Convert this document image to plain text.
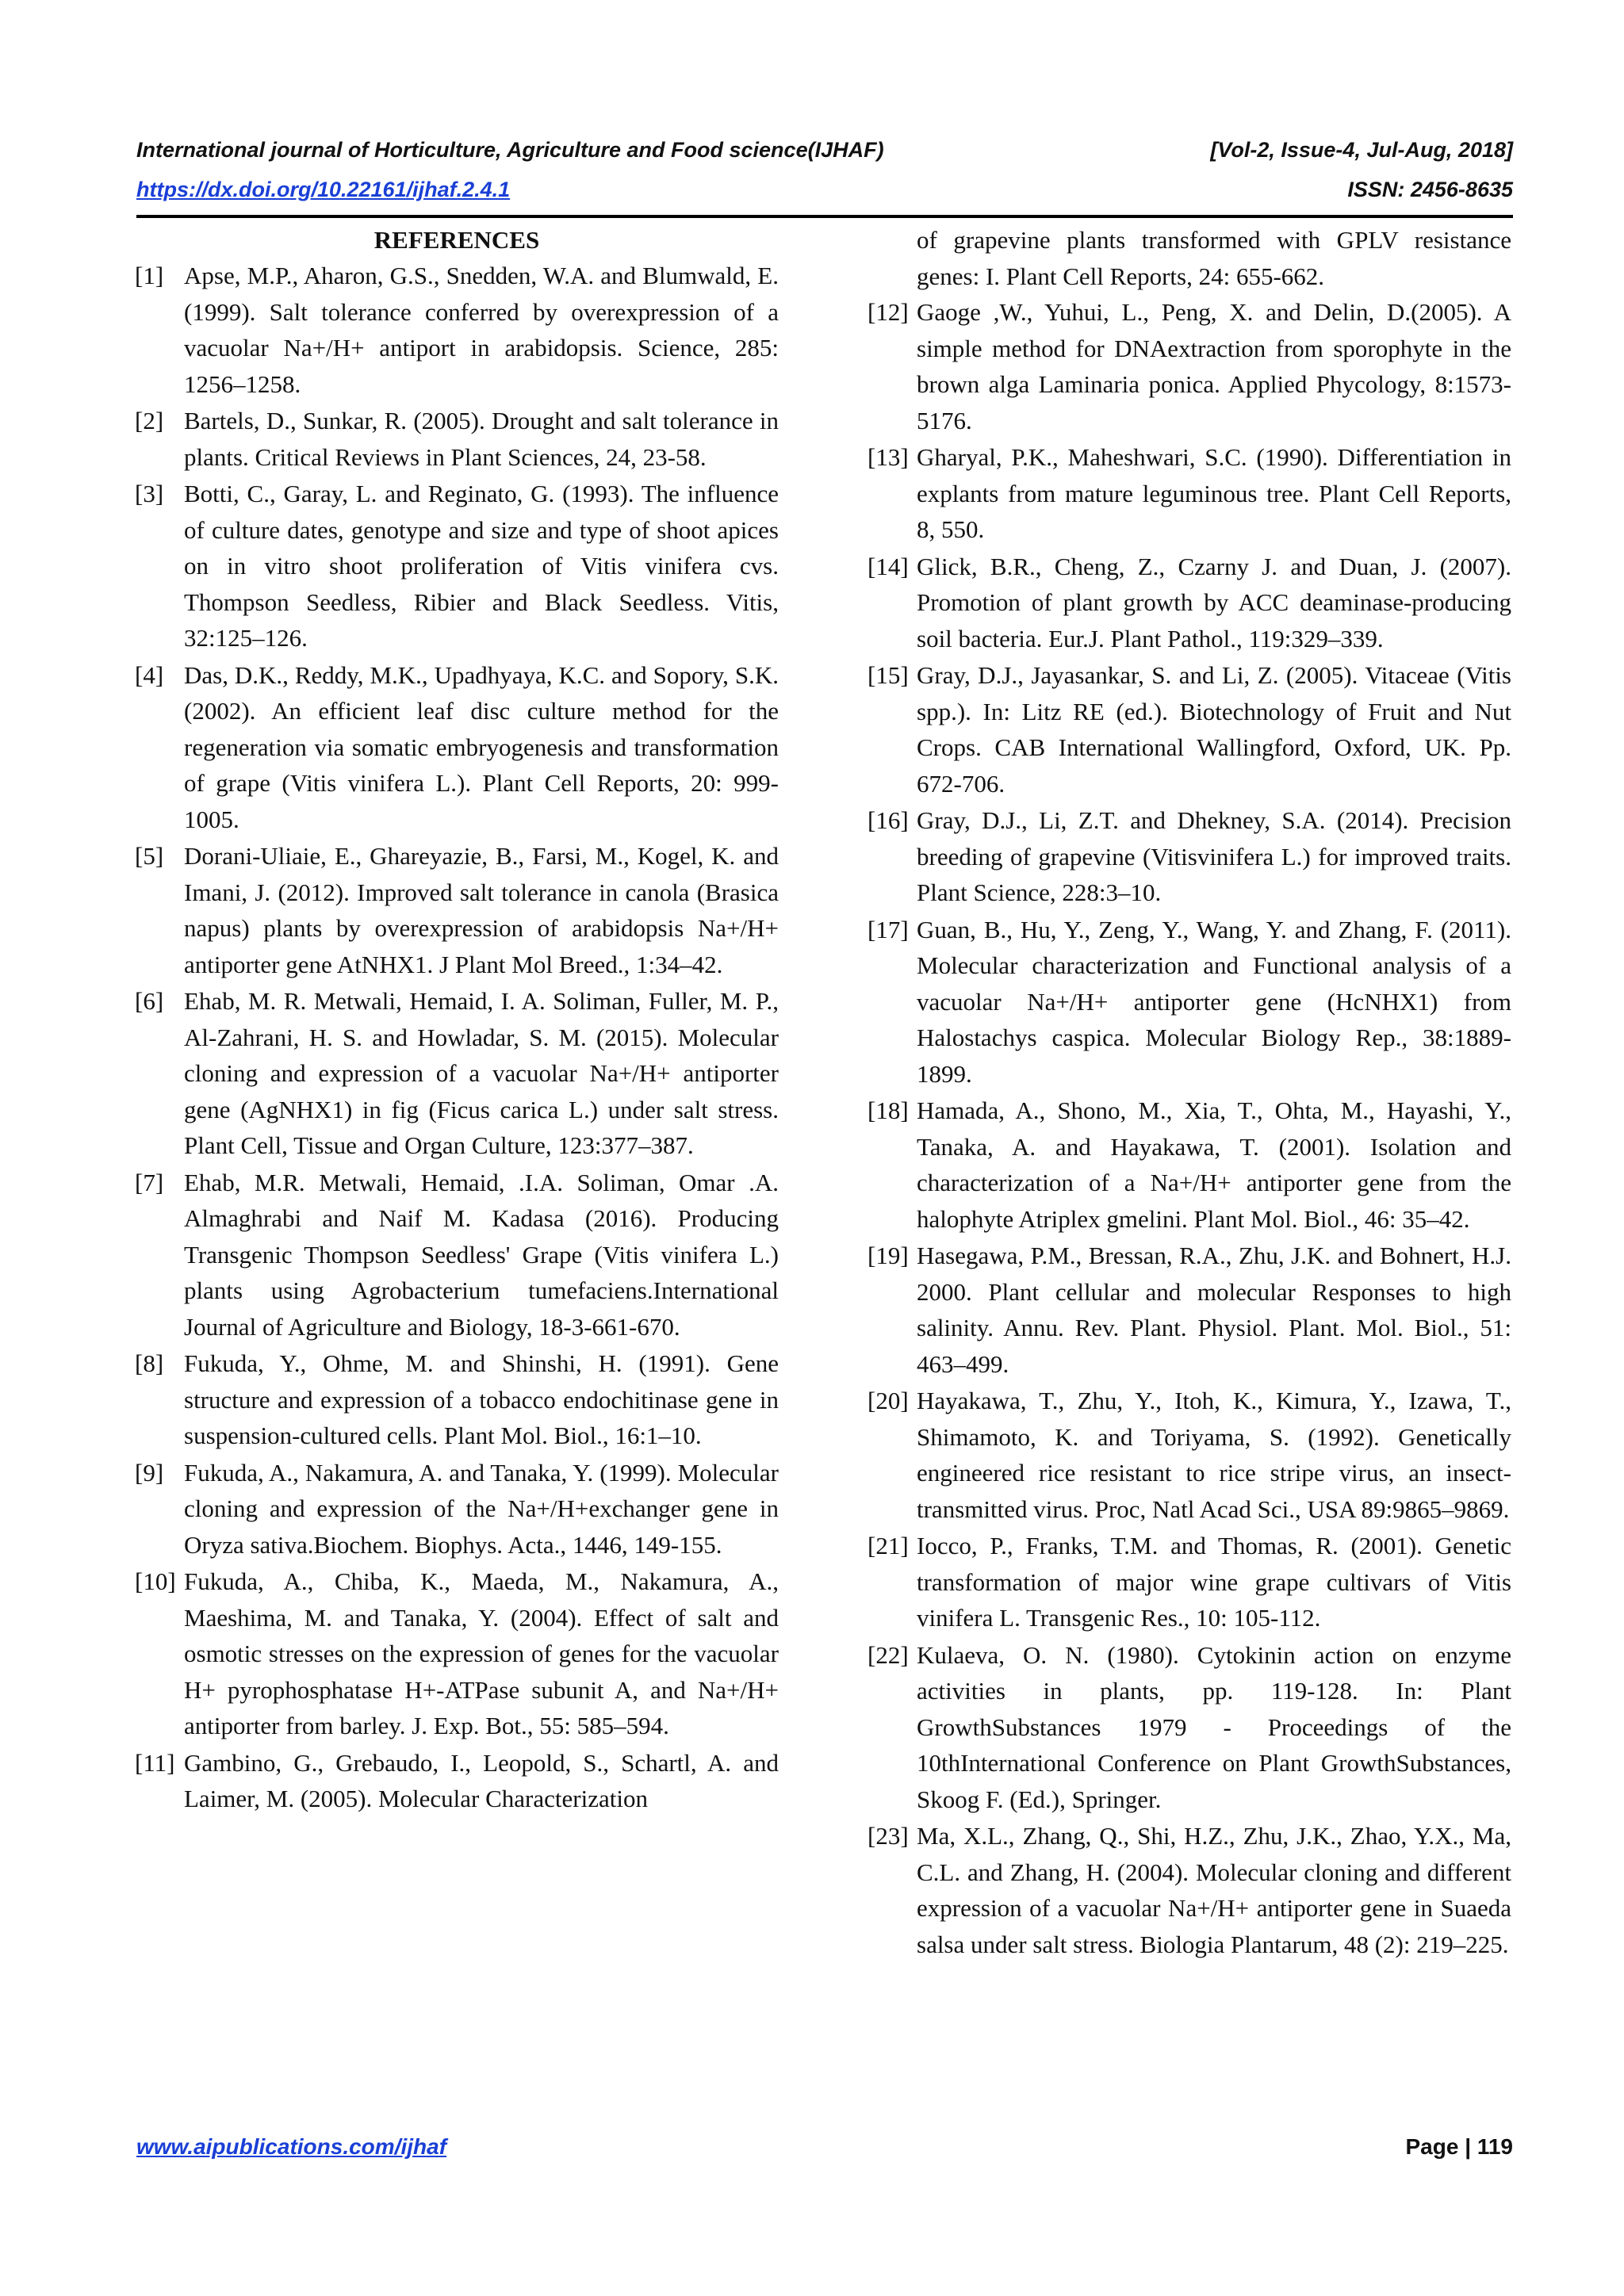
International journal of Horticulture, Agriculture and Food science(IJHAF)	[Vol-2, Issue-4, Jul-Aug, 2018]
https://dx.doi.org/10.22161/ijhaf.2.4.1	ISSN: 2456-8635

REFERENCES

[1] Apse, M.P., Aharon, G.S., Snedden, W.A. and Blumwald, E. (1999). Salt tolerance conferred by overexpression of a vacuolar Na+/H+ antiport in arabidopsis. Science, 285: 1256–1258.
[2] Bartels, D., Sunkar, R. (2005). Drought and salt tolerance in plants. Critical Reviews in Plant Sciences, 24, 23-58.
[3] Botti, C., Garay, L. and Reginato, G. (1993). The influence of culture dates, genotype and size and type of shoot apices on in vitro shoot proliferation of Vitis vinifera cvs. Thompson Seedless, Ribier and Black Seedless. Vitis, 32:125–126.
[4] Das, D.K., Reddy, M.K., Upadhyaya, K.C. and Sopory, S.K. (2002). An efficient leaf disc culture method for the regeneration via somatic embryogenesis and transformation of grape (Vitis vinifera L.). Plant Cell Reports, 20: 999-1005.
[5] Dorani-Uliaie, E., Ghareyazie, B., Farsi, M., Kogel, K. and Imani, J. (2012). Improved salt tolerance in canola (Brasica napus) plants by overexpression of arabidopsis Na+/H+ antiporter gene AtNHX1. J Plant Mol Breed., 1:34–42.
[6] Ehab, M. R. Metwali, Hemaid, I. A. Soliman, Fuller, M. P., Al-Zahrani, H. S. and Howladar, S. M. (2015). Molecular cloning and expression of a vacuolar Na+/H+ antiporter gene (AgNHX1) in fig (Ficus carica L.) under salt stress. Plant Cell, Tissue and Organ Culture, 123:377–387.
[7] Ehab, M.R. Metwali, Hemaid, .I.A. Soliman, Omar .A. Almaghrabi and Naif M. Kadasa (2016). Producing Transgenic Thompson Seedless' Grape (Vitis vinifera L.) plants using Agrobacterium tumefaciens.International Journal of Agriculture and Biology, 18-3-661-670.
[8] Fukuda, Y., Ohme, M. and Shinshi, H. (1991). Gene structure and expression of a tobacco endochitinase gene in suspension-cultured cells. Plant Mol. Biol., 16:1–10.
[9] Fukuda, A., Nakamura, A. and Tanaka, Y. (1999). Molecular cloning and expression of the Na+/H+exchanger gene in Oryza sativa.Biochem. Biophys. Acta., 1446, 149-155.
[10] Fukuda, A., Chiba, K., Maeda, M., Nakamura, A., Maeshima, M. and Tanaka, Y. (2004). Effect of salt and osmotic stresses on the expression of genes for the vacuolar H+ pyrophosphatase H+-ATPase subunit A, and Na+/H+ antiporter from barley. J. Exp. Bot., 55: 585–594.
[11] Gambino, G., Grebaudo, I., Leopold, S., Schartl, A. and Laimer, M. (2005). Molecular Characterization
of grapevine plants transformed with GPLV resistance genes: I. Plant Cell Reports, 24: 655-662.
[12] Gaoge ,W., Yuhui, L., Peng, X. and Delin, D.(2005). A simple method for DNAextraction from sporophyte in the brown alga Laminaria ponica. Applied Phycology, 8:1573-5176.
[13] Gharyal, P.K., Maheshwari, S.C. (1990). Differentiation in explants from mature leguminous tree. Plant Cell Reports, 8, 550.
[14] Glick, B.R., Cheng, Z., Czarny J. and Duan, J. (2007). Promotion of plant growth by ACC deaminase-producing soil bacteria. Eur.J. Plant Pathol., 119:329–339.
[15] Gray, D.J., Jayasankar, S. and Li, Z. (2005). Vitaceae (Vitis spp.). In: Litz RE (ed.). Biotechnology of Fruit and Nut Crops. CAB International Wallingford, Oxford, UK. Pp. 672-706.
[16] Gray, D.J., Li, Z.T. and Dhekney, S.A. (2014). Precision breeding of grapevine (Vitisvinifera L.) for improved traits. Plant Science, 228:3–10.
[17] Guan, B., Hu, Y., Zeng, Y., Wang, Y. and Zhang, F. (2011). Molecular characterization and Functional analysis of a vacuolar Na+/H+ antiporter gene (HcNHX1) from Halostachys caspica. Molecular Biology Rep., 38:1889-1899.
[18] Hamada, A., Shono, M., Xia, T., Ohta, M., Hayashi, Y., Tanaka, A. and Hayakawa, T. (2001). Isolation and characterization of a Na+/H+ antiporter gene from the halophyte Atriplex gmelini. Plant Mol. Biol., 46: 35–42.
[19] Hasegawa, P.M., Bressan, R.A., Zhu, J.K. and Bohnert, H.J. 2000. Plant cellular and molecular Responses to high salinity. Annu. Rev. Plant. Physiol. Plant. Mol. Biol., 51: 463–499.
[20] Hayakawa, T., Zhu, Y., Itoh, K., Kimura, Y., Izawa, T., Shimamoto, K. and Toriyama, S. (1992). Genetically engineered rice resistant to rice stripe virus, an insect-transmitted virus. Proc, Natl Acad Sci., USA 89:9865–9869.
[21] Iocco, P., Franks, T.M. and Thomas, R. (2001). Genetic transformation of major wine grape cultivars of Vitis vinifera L. Transgenic Res., 10: 105-112.
[22] Kulaeva, O. N. (1980). Cytokinin action on enzyme activities in plants, pp. 119-128. In: Plant GrowthSubstances 1979 - Proceedings of the 10thInternational Conference on Plant GrowthSubstances, Skoog F. (Ed.), Springer.
[23] Ma, X.L., Zhang, Q., Shi, H.Z., Zhu, J.K., Zhao, Y.X., Ma, C.L. and Zhang, H. (2004). Molecular cloning and different expression of a vacuolar Na+/H+ antiporter gene in Suaeda salsa under salt stress. Biologia Plantarum, 48 (2): 219–225.
www.aipublications.com/ijhaf	Page | 119
